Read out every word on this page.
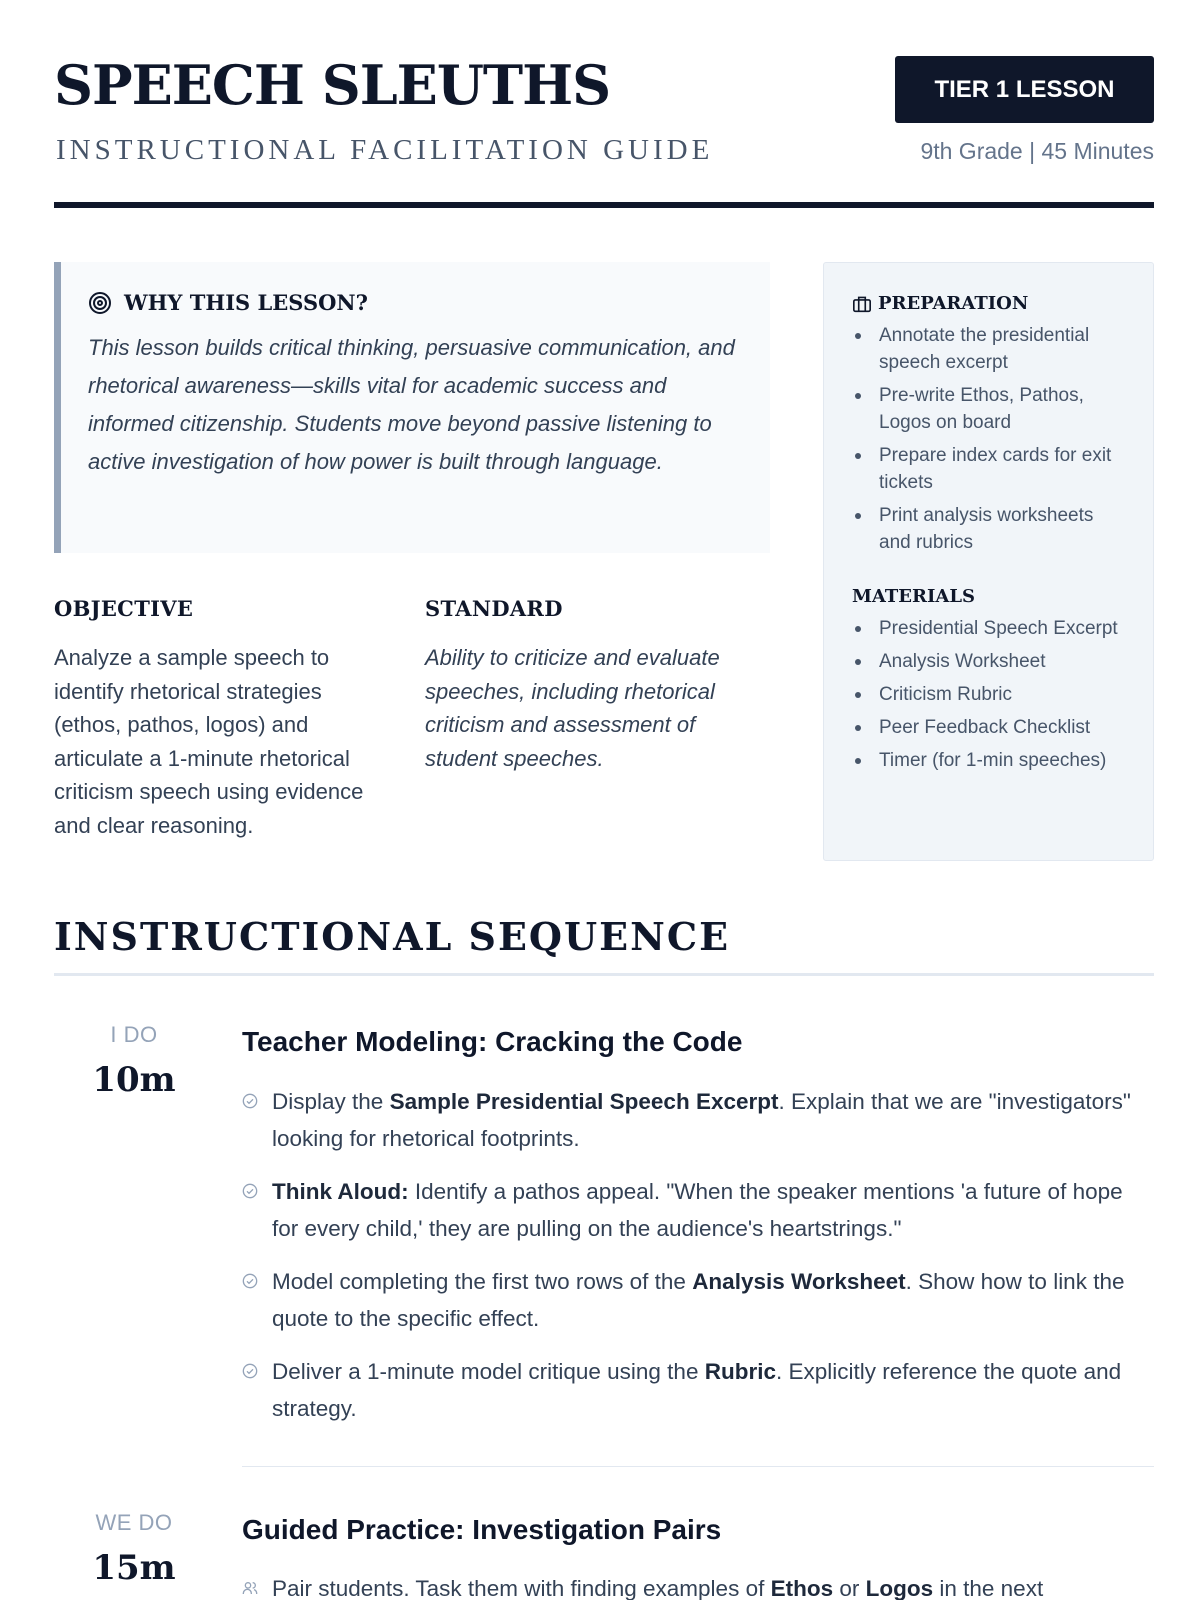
SPEECH SLEUTHS
INSTRUCTIONAL FACILITATION GUIDE
TIER 1 LESSON
9th Grade | 45 Minutes
WHY THIS LESSON?

This lesson builds critical thinking, persuasive communication, and rhetorical awareness—skills vital for academic success and informed citizenship. Students move beyond passive listening to active investigation of how power is built through language.

OBJECTIVE

Analyze a sample speech to identify rhetorical strategies (ethos, pathos, logos) and articulate a 1-minute rhetorical criticism speech using evidence and clear reasoning.

STANDARD

Ability to criticize and evaluate speeches, including rhetorical criticism and assessment of student speeches.

PREPARATION
Annotate the presidential speech excerpt
Pre-write Ethos, Pathos, Logos on board
Prepare index cards for exit tickets
Print analysis worksheets and rubrics
MATERIALS
Presidential Speech Excerpt
Analysis Worksheet
Criticism Rubric
Peer Feedback Checklist
Timer (for 1-min speeches)
INSTRUCTIONAL SEQUENCE
I DO
10m
Teacher Modeling: Cracking the Code

Display the Sample Presidential Speech Excerpt. Explain that we are "investigators" looking for rhetorical footprints.

Think Aloud: Identify a pathos appeal. "When the speaker mentions 'a future of hope for every child,' they are pulling on the audience's heartstrings."

Model completing the first two rows of the Analysis Worksheet. Show how to link the quote to the specific effect.

Deliver a 1-minute model critique using the Rubric. Explicitly reference the quote and strategy.

WE DO
15m
Guided Practice: Investigation Pairs

Pair students. Task them with finding examples of Ethos or Logos in the next
